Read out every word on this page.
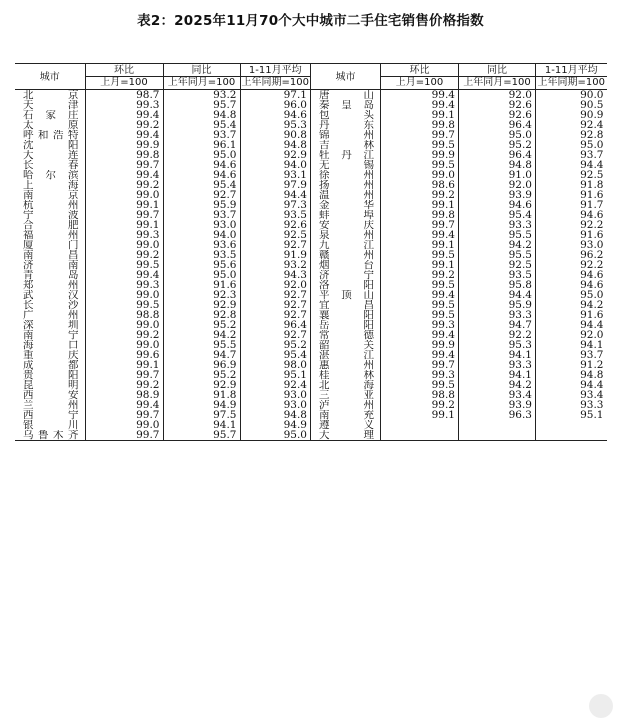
表2：2025年11月70个大中城市二手住宅销售价格指数
城市	环比	同比	1-11月平均
	上月=100	上年同月=100	上年同期=100
北京	98.7	93.2	97.1
天津	99.3	95.7	96.0
石家庄	99.4	94.8	94.6
太原	99.2	95.4	95.3
呼和浩特	99.4	93.7	90.8
沈阳	99.9	96.1	94.8
大连	99.8	95.0	92.9
长春	99.7	94.6	94.0
哈尔滨	99.4	94.6	93.1
上海	99.2	95.4	97.9
南京	99.0	92.7	94.4
杭州	99.1	95.9	97.3
宁波	99.7	93.7	93.5
合肥	99.1	93.0	92.6
福州	99.3	94.0	92.5
厦门	99.0	93.6	92.7
南昌	99.2	93.5	91.9
济南	99.5	95.6	93.2
青岛	99.4	95.0	94.3
郑州	99.3	91.6	92.0
武汉	99.0	92.3	92.7
长沙	99.5	92.9	92.7
广州	98.8	92.8	92.7
深圳	99.0	95.2	96.4
南宁	99.2	94.2	92.7
海口	99.0	95.5	95.2
重庆	99.6	94.7	95.4
成都	99.1	96.9	98.0
贵阳	99.7	95.2	95.1
昆明	99.2	92.9	92.4
西安	98.9	91.8	93.0
兰州	99.4	94.9	93.0
西宁	99.7	97.5	94.8
银川	99.0	94.1	94.9
乌鲁木齐	99.7	95.7	95.0
城市	环比	同比	1-11月平均
	上月=100	上年同月=100	上年同期=100
唐山	99.4	92.0	90.0
秦皇岛	99.4	92.6	90.5
包头	99.1	92.6	90.9
丹东	99.8	96.4	92.4
锦州	99.7	95.0	92.8
吉林	99.5	95.2	95.0
牡丹江	99.9	96.4	93.7
无锡	99.5	94.8	94.4
徐州	99.0	91.0	92.5
扬州	98.6	92.0	91.8
温州	99.2	93.9	91.6
金华	99.1	94.6	91.7
蚌埠	99.8	95.4	94.6
安庆	99.7	93.3	92.2
泉州	99.4	95.5	91.6
九江	99.1	94.2	93.0
赣州	99.5	95.5	96.2
烟台	99.1	92.5	92.2
济宁	99.2	93.5	94.6
洛阳	99.5	95.8	94.6
平顶山	99.4	94.4	95.0
宜昌	99.5	95.9	94.2
襄阳	99.5	93.3	91.6
岳阳	99.3	94.7	94.4
常德	99.4	92.2	92.0
韶关	99.9	95.3	94.1
湛江	99.4	94.1	93.7
惠州	99.7	93.3	91.2
桂林	99.3	94.1	94.8
北海	99.5	94.2	94.4
三亚	98.8	93.4	93.4
泸州	99.2	93.9	93.3
南充	99.1	96.3	95.1
遵义			
大理			
